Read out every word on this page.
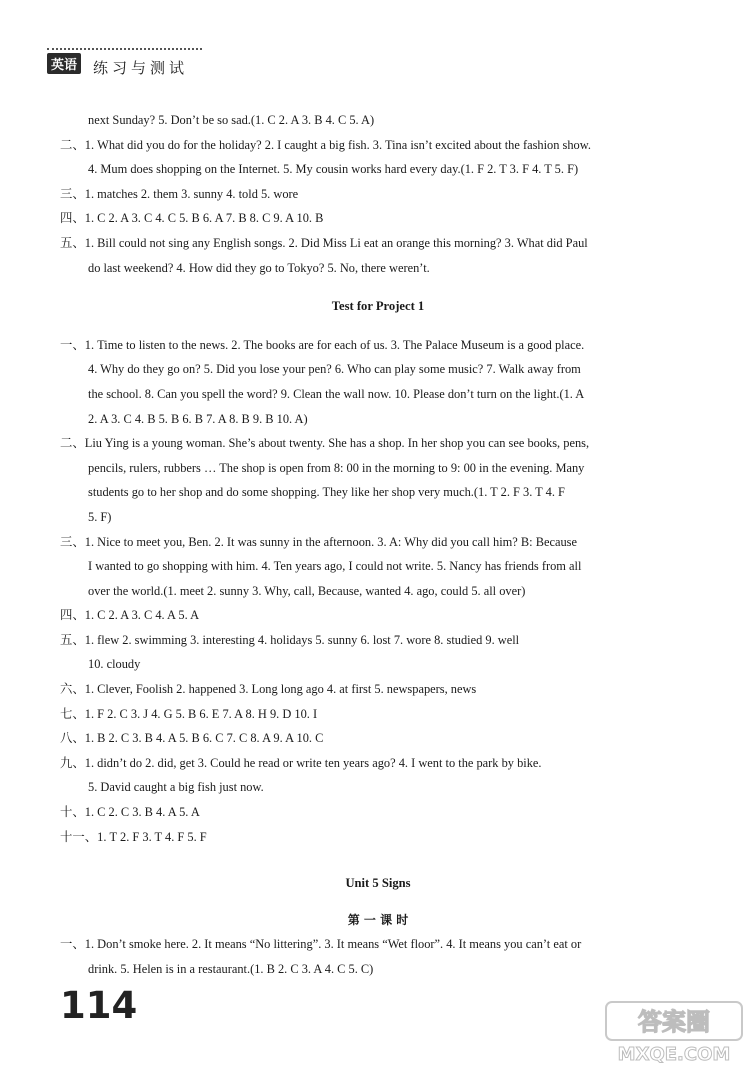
英语 练习与测试
next Sunday? 5. Don’t be so sad.(1. C 2. A 3. B 4. C 5. A)
二、1. What did you do for the holiday? 2. I caught a big fish. 3. Tina isn’t excited about the fashion show.
4. Mum does shopping on the Internet. 5. My cousin works hard every day.(1. F 2. T 3. F 4. T 5. F)
三、1. matches 2. them 3. sunny 4. told 5. wore
四、1. C 2. A 3. C 4. C 5. B 6. A 7. B 8. C 9. A 10. B
五、1. Bill could not sing any English songs. 2. Did Miss Li eat an orange this morning? 3. What did Paul
do last weekend? 4. How did they go to Tokyo? 5. No, there weren’t.
Test for Project 1
一、1. Time to listen to the news. 2. The books are for each of us. 3. The Palace Museum is a good place.
4. Why do they go on? 5. Did you lose your pen? 6. Who can play some music? 7. Walk away from
the school. 8. Can you spell the word? 9. Clean the wall now. 10. Please don’t turn on the light.(1. A
2. A 3. C 4. B 5. B 6. B 7. A 8. B 9. B 10. A)
二、Liu Ying is a young woman. She’s about twenty. She has a shop. In her shop you can see books, pens,
pencils, rulers, rubbers … The shop is open from 8: 00 in the morning to 9: 00 in the evening. Many
students go to her shop and do some shopping. They like her shop very much.(1. T 2. F 3. T 4. F
5. F)
三、1. Nice to meet you, Ben. 2. It was sunny in the afternoon. 3. A: Why did you call him? B: Because
I wanted to go shopping with him. 4. Ten years ago, I could not write. 5. Nancy has friends from all
over the world.(1. meet 2. sunny 3. Why, call, Because, wanted 4. ago, could 5. all over)
四、1. C 2. A 3. C 4. A 5. A
五、1. flew 2. swimming 3. interesting 4. holidays 5. sunny 6. lost 7. wore 8. studied 9. well
10. cloudy
六、1. Clever, Foolish 2. happened 3. Long long ago 4. at first 5. newspapers, news
七、1. F 2. C 3. J 4. G 5. B 6. E 7. A 8. H 9. D 10. I
八、1. B 2. C 3. B 4. A 5. B 6. C 7. C 8. A 9. A 10. C
九、1. didn’t do 2. did, get 3. Could he read or write ten years ago? 4. I went to the park by bike.
5. David caught a big fish just now.
十、1. C 2. C 3. B 4. A 5. A
十一、1. T 2. F 3. T 4. F 5. F
Unit 5 Signs
第 一 课 时
一、1. Don’t smoke here. 2. It means “No littering”. 3. It means “Wet floor”. 4. It means you can’t eat or
drink. 5. Helen is in a restaurant.(1. B 2. C 3. A 4. C 5. C)
114	答案圈
MXQE.COM
